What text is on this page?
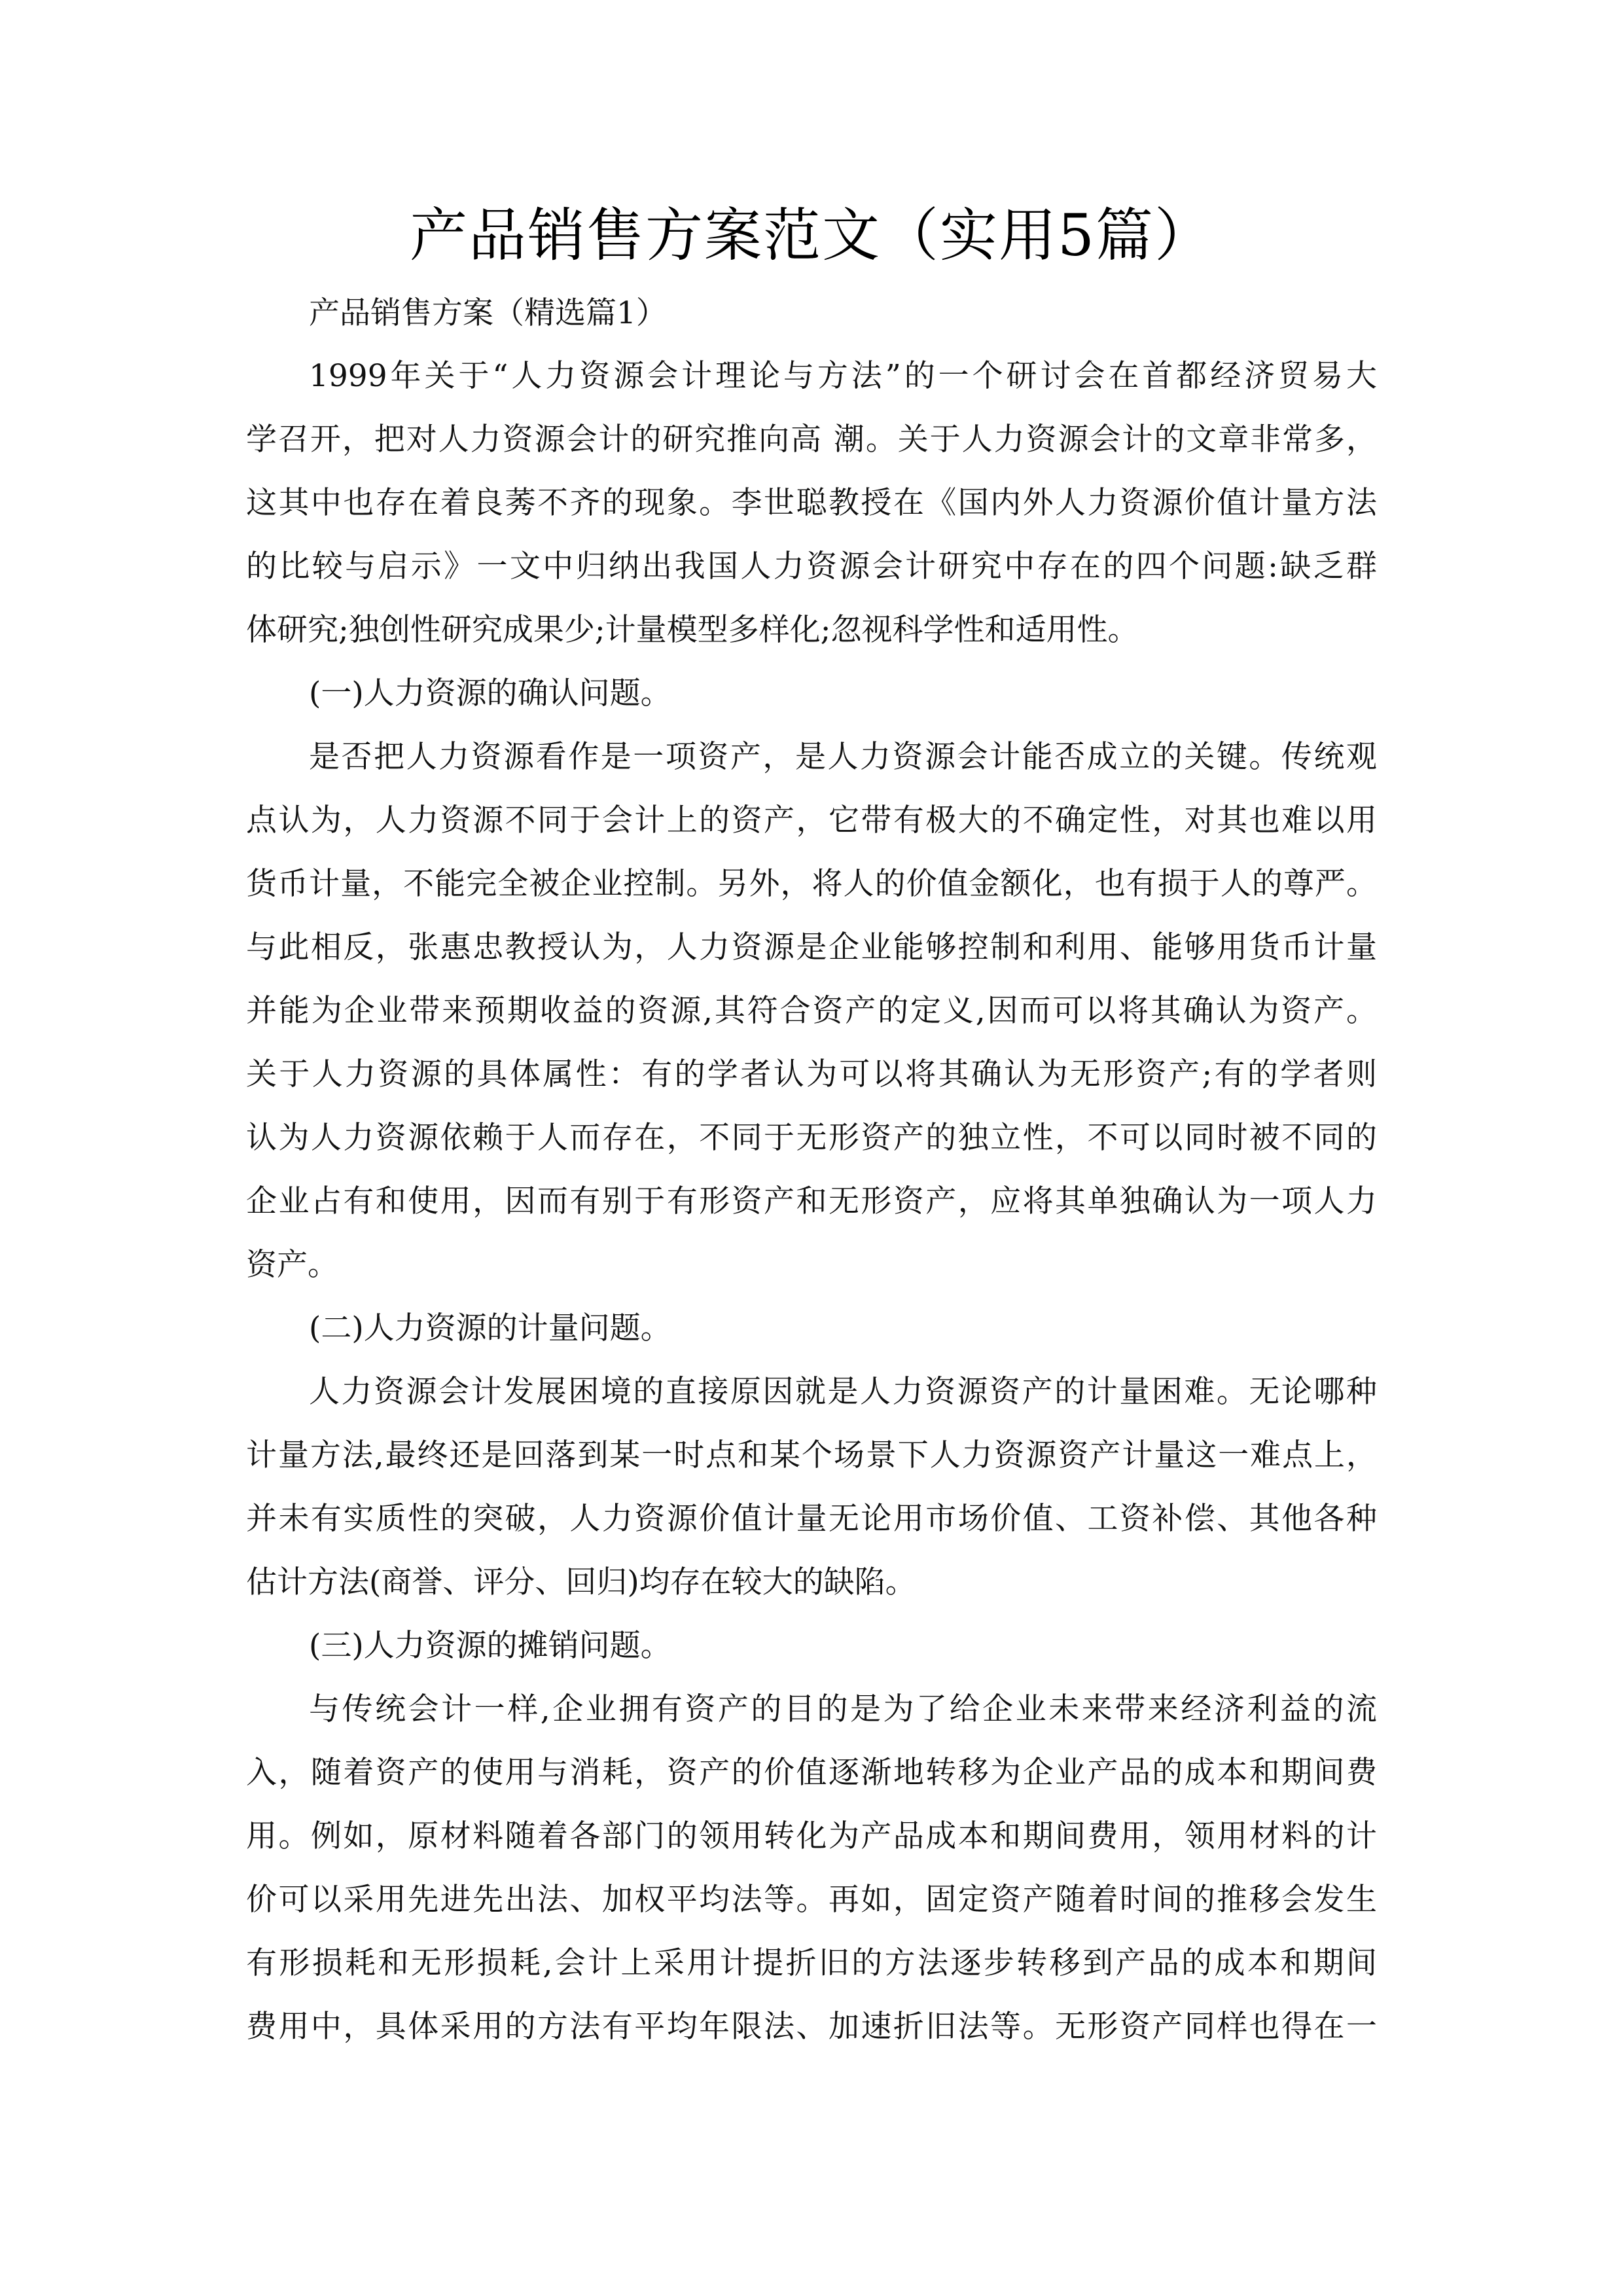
产品销售方案范文（实用5篇）
产品销售方案（精选篇1）
1999年关于“人力资源会计理论与方法”的一个研讨会在首都经济贸易大
学召开，把对人力资源会计的研究推向高 潮。关于人力资源会计的文章非常多，
这其中也存在着良莠不齐的现象。李世聪教授在《国内外人力资源价值计量方法
的比较与启示》一文中归纳出我国人力资源会计研究中存在的四个问题:缺乏群
体研究;独创性研究成果少;计量模型多样化;忽视科学性和适用性。
(一)人力资源的确认问题。
是否把人力资源看作是一项资产，是人力资源会计能否成立的关键。传统观
点认为，人力资源不同于会计上的资产，它带有极大的不确定性，对其也难以用
货币计量，不能完全被企业控制。另外，将人的价值金额化，也有损于人的尊严。
与此相反，张惠忠教授认为，人力资源是企业能够控制和利用、能够用货币计量
并能为企业带来预期收益的资源,其符合资产的定义,因而可以将其确认为资产。
关于人力资源的具体属性：有的学者认为可以将其确认为无形资产;有的学者则
认为人力资源依赖于人而存在，不同于无形资产的独立性，不可以同时被不同的
企业占有和使用，因而有别于有形资产和无形资产，应将其单独确认为一项人力
资产。
(二)人力资源的计量问题。
人力资源会计发展困境的直接原因就是人力资源资产的计量困难。无论哪种
计量方法,最终还是回落到某一时点和某个场景下人力资源资产计量这一难点上，
并未有实质性的突破，人力资源价值计量无论用市场价值、工资补偿、其他各种
估计方法(商誉、评分、回归)均存在较大的缺陷。
(三)人力资源的摊销问题。
与传统会计一样,企业拥有资产的目的是为了给企业未来带来经济利益的流
入，随着资产的使用与消耗，资产的价值逐渐地转移为企业产品的成本和期间费
用。例如，原材料随着各部门的领用转化为产品成本和期间费用，领用材料的计
价可以采用先进先出法、加权平均法等。再如，固定资产随着时间的推移会发生
有形损耗和无形损耗,会计上采用计提折旧的方法逐步转移到产品的成本和期间
费用中，具体采用的方法有平均年限法、加速折旧法等。无形资产同样也得在一
